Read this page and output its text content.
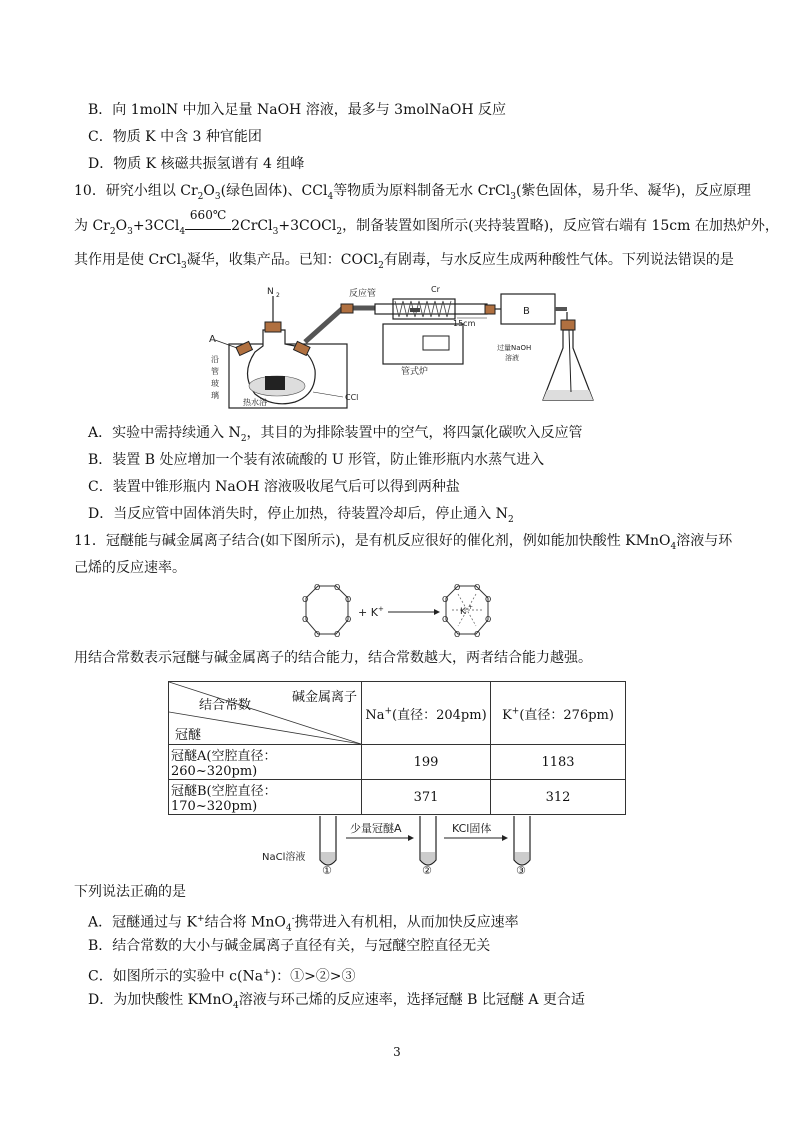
B．向 1molN 中加入足量 NaOH 溶液，最多与 3molNaOH 反应
C．物质 K 中含 3 种官能团
D．物质 K 核磁共振氢谱有 4 组峰
10．研究小组以 $Cr_2O_3$(绿色固体)、CCl$_4$等物质为原料制备无水 CrCl$_3$(紫色固体，易升华、凝华)，反应原理
为 $Cr_2O_3+3CCl_4$
660℃
2CrCl$_3$+3COCl$_2$，制备装置如图所示(夹持装置略)，反应管右端有 15cm 在加热炉外，
其作用是使 CrCl$_3$凝华，收集产品。已知：COCl$_2$有剧毒，与水反应生成两种酸性气体。下列说法错误的是
N 2
A
反应管	Cr
15cm
管式炉
B
过量NaOH
溶液
热水浴
CCl
沿
管
玻
璃
A．实验中需持续通入 $N_2$，其目的为排除装置中的空气，将四氯化碳吹入反应管
B．装置 B 处应增加一个装有浓硫酸的 U 形管，防止锥形瓶内水蒸气进入
C．装置中锥形瓶内 NaOH 溶液吸收尾气后可以得到两种盐
D．当反应管中固体消失时，停止加热，待装置冷却后，停止通入 $N_2$
11．冠醚能与碱金属离子结合(如下图所示)，是有机反应很好的催化剂，例如能加快酸性 KMnO$_4$溶液与环
己烯的反应速率。
O O
O
O
O
O
O
O
+ K+	K +
O O
O
O
O
O
O
O
用结合常数表示冠醚与碱金属离子的结合能力，结合常数越大，两者结合能力越强。
碱金属离子
结合常数
冠醚	Na+(直径：204pm)	K+(直径：276pm)
冠醚A(空腔直径：260~320pm)	199	1183
冠醚B(空腔直径：170~320pm)	371	312
少量冠醚A	KCl固体
NaCl溶液
①	②	③
下列说法正确的是
A．冠醚通过与 K+结合将 MnO$_4$-携带进入有机相，从而加快反应速率
B．结合常数的大小与碱金属离子直径有关，与冠醚空腔直径无关
C．如图所示的实验中 c(Na+)：①>②>③
D．为加快酸性 KMnO$_4$溶液与环己烯的反应速率，选择冠醚 B 比冠醚 A 更合适
3
